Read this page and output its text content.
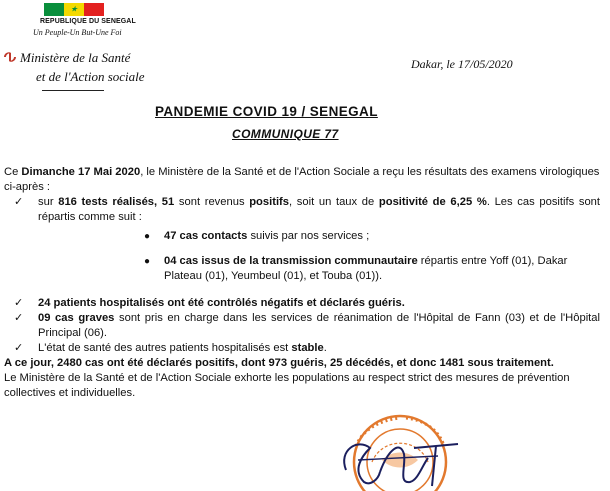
★
REPUBLIQUE DU SENEGAL
Un Peuple-Un But-Une Foi
Ministère de la Santé
et de l'Action sociale
Dakar, le 17/05/2020
PANDEMIE COVID 19 / SENEGAL
COMMUNIQUE 77

Ce Dimanche 17 Mai 2020, le Ministère de la Santé et de l'Action Sociale a reçu les résultats des examens virologiques ci-après :

✓	sur 816 tests réalisés, 51 sont revenus positifs, soit un taux de positivité de 6,25 %. Les cas positifs sont répartis comme suit :
●	47 cas contacts suivis par nos services ;
●	04 cas issus de la transmission communautaire répartis entre Yoff (01), Dakar Plateau (01), Yeumbeul (01), et Touba (01)).
✓	24 patients hospitalisés ont été contrôlés négatifs et déclarés guéris.
✓	09 cas graves sont pris en charge dans les services de réanimation de l'Hôpital de Fann (03) et de l'Hôpital Principal (06).
✓	L'état de santé des autres patients hospitalisés est stable.

A ce jour, 2480 cas ont été déclarés positifs, dont 973 guéris, 25 décédés, et donc 1481 sous traitement.

Le Ministère de la Santé et de l'Action Sociale exhorte les populations au respect strict des mesures de prévention collectives et individuelles.
